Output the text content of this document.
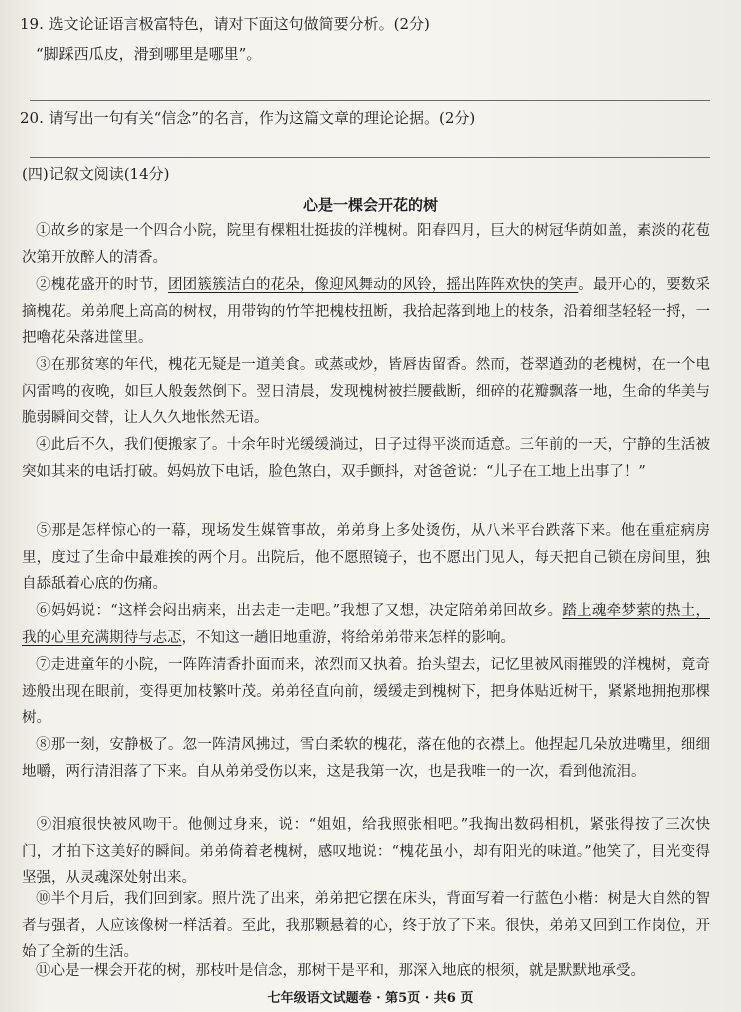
19. 选文论证语言极富特色，请对下面这句做简要分析。(2分)
“脚踩西瓜皮，滑到哪里是哪里”。
20. 请写出一句有关“信念”的名言，作为这篇文章的理论论据。(2分)
(四)记叙文阅读(14分)
心是一棵会开花的树
①故乡的家是一个四合小院，院里有棵粗壮挺拔的洋槐树。阳春四月，巨大的树冠华荫如盖，素淡的花苞次第开放醉人的清香。
②槐花盛开的时节，团团簇簇洁白的花朵，像迎风舞动的风铃，摇出阵阵欢快的笑声。最开心的，要数采摘槐花。弟弟爬上高高的树杈，用带钩的竹竿把槐枝扭断，我拾起落到地上的枝条，沿着细茎轻轻一捋，一把嚕花朵落进筐里。
③在那贫寒的年代，槐花无疑是一道美食。或蒸或炒，皆唇齿留香。然而，苍翠遒劲的老槐树，在一个电闪雷鸣的夜晚，如巨人般轰然倒下。翌日清晨，发现槐树被拦腰截断，细碎的花瓣飘落一地，生命的华美与脆弱瞬间交替，让人久久地怅然无语。
④此后不久，我们便搬家了。十余年时光缓缓淌过，日子过得平淡而适意。三年前的一天，宁静的生活被突如其来的电话打破。妈妈放下电话，脸色煞白，双手颤抖，对爸爸说：“儿子在工地上出事了！”
⑤那是怎样惊心的一幕，现场发生媒管事故，弟弟身上多处烫伤，从八米平台跌落下来。他在重症病房里，度过了生命中最难挨的两个月。出院后，他不愿照镜子，也不愿出门见人，每天把自己锁在房间里，独自舔舐着心底的伤痛。
⑥妈妈说：“这样会闷出病来，出去走一走吧。”我想了又想，决定陪弟弟回故乡。踏上魂牵梦萦的热土，我的心里充满期待与忐忑，不知这一趟旧地重游，将给弟弟带来怎样的影响。
⑦走进童年的小院，一阵阵清香扑面而来，浓烈而又执着。抬头望去，记忆里被风雨摧毁的洋槐树，竟奇迹般出现在眼前，变得更加枝繁叶茂。弟弟径直向前，缓缓走到槐树下，把身体贴近树干，紧紧地拥抱那棵树。
⑧那一刻，安静极了。忽一阵清风拂过，雪白柔软的槐花，落在他的衣襟上。他捏起几朵放进嘴里，细细地嚼，两行清泪落了下来。自从弟弟受伤以来，这是我第一次，也是我唯一的一次，看到他流泪。
⑨泪痕很快被风吻干。他侧过身来，说：“姐姐，给我照张相吧。”我掏出数码相机，紧张得按了三次快门，才拍下这美好的瞬间。弟弟倚着老槐树，感叹地说：“槐花虽小，却有阳光的味道。”他笑了，目光变得坚强，从灵魂深处射出来。
⑩半个月后，我们回到家。照片洗了出来，弟弟把它摆在床头，背面写着一行蓝色小楷：树是大自然的智者与强者，人应该像树一样活着。至此，我那颗悬着的心，终于放了下来。很快，弟弟又回到工作岗位，开始了全新的生活。
⑪心是一棵会开花的树，那枝叶是信念，那树干是平和，那深入地底的根须，就是默默地承受。
七年级语文试题卷 · 第5页 · 共6 页
